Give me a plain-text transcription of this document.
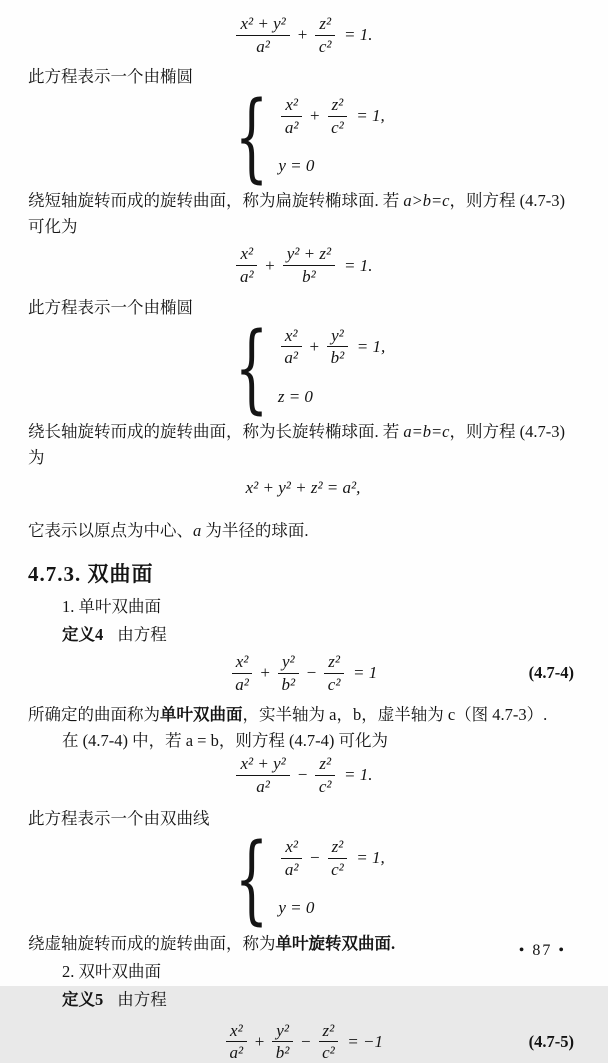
$\frac{\text{x² + y²}}{\text{a²}} + \frac{\text{z²}}{\text{c²}} = 1$.

此方程表示一个由椭圆

{ $\frac{\text{x²}}{\text{a²}} + \frac{\text{z²}}{\text{c²}} = 1$,
y = 0

绕短轴旋转而成的旋转曲面，称为扁旋转椭球面. 若 a>b=c，则方程 (4.7-3)

可化为

$\frac{\text{x²}}{\text{a²}} + \frac{\text{y² + z²}}{\text{b²}} = 1$.

此方程表示一个由椭圆

{ $\frac{\text{x²}}{\text{a²}} + \frac{\text{y²}}{\text{b²}} = 1$,
z = 0

绕长轴旋转而成的旋转曲面，称为长旋转椭球面. 若 a=b=c，则方程 (4.7-3)

为

x² + y² + z² = a²,

它表示以原点为中心、a 为半径的球面.

4.7.3. 双曲面

1. 单叶双曲面

定义4 由方程

$\frac{\text{x²}}{\text{a²}} + \frac{\text{y²}}{\text{b²}} - \frac{\text{z²}}{\text{c²}} = 1$	(4.7-4)

所确定的曲面称为单叶双曲面，实半轴为 a，b，虚半轴为 c（图 4.7-3）.

在 (4.7-4) 中，若 a = b，则方程 (4.7-4) 可化为

$\frac{\text{x² + y²}}{\text{a²}} - \frac{\text{z²}}{\text{c²}} = 1$.

此方程表示一个由双曲线

{ $\frac{\text{x²}}{\text{a²}} - \frac{\text{z²}}{\text{c²}} = 1$,
y = 0

绕虚轴旋转而成的旋转曲面，称为单叶旋转双曲面.

2. 双叶双曲面

定义5 由方程

$\frac{\text{x²}}{\text{a²}} + \frac{\text{y²}}{\text{b²}} - \frac{\text{z²}}{\text{c²}} = -1$	(4.7-5)
• 87 •
